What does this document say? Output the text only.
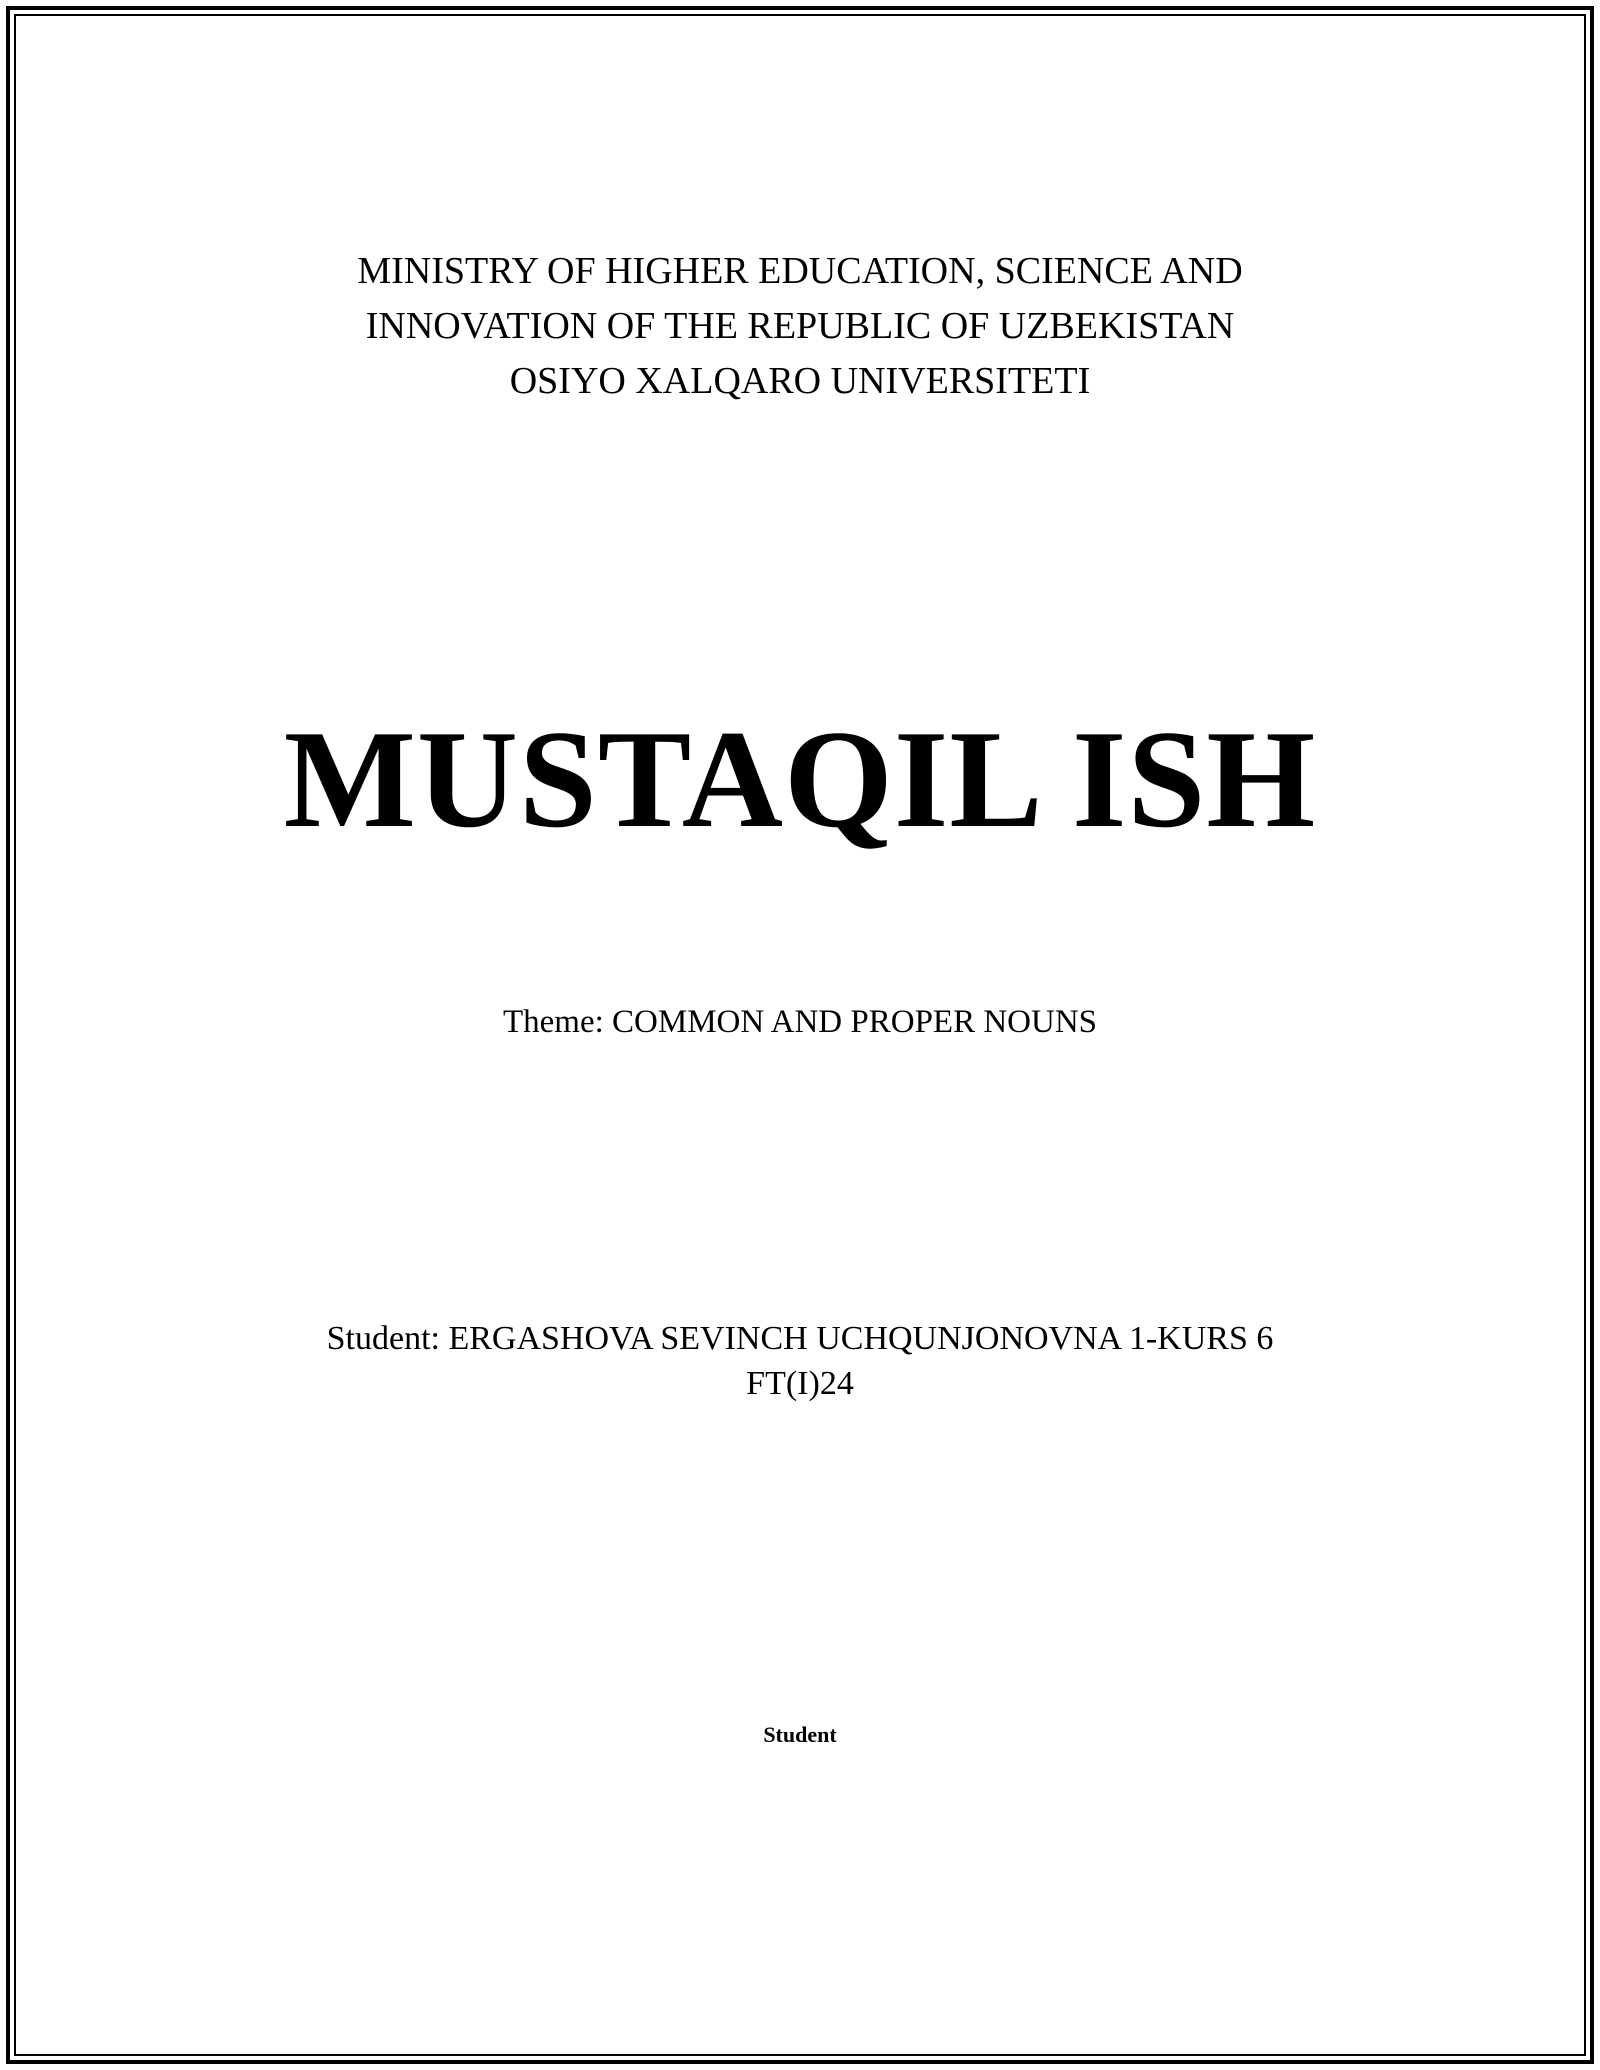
MINISTRY OF HIGHER EDUCATION, SCIENCE AND
INNOVATION OF THE REPUBLIC OF UZBEKISTAN
OSIYO XALQARO UNIVERSITETI
MUSTAQIL ISH
Theme: COMMON AND PROPER NOUNS
Student: ERGASHOVA SEVINCH UCHQUNJONOVNA 1-KURS 6
FT(I)24
Student
